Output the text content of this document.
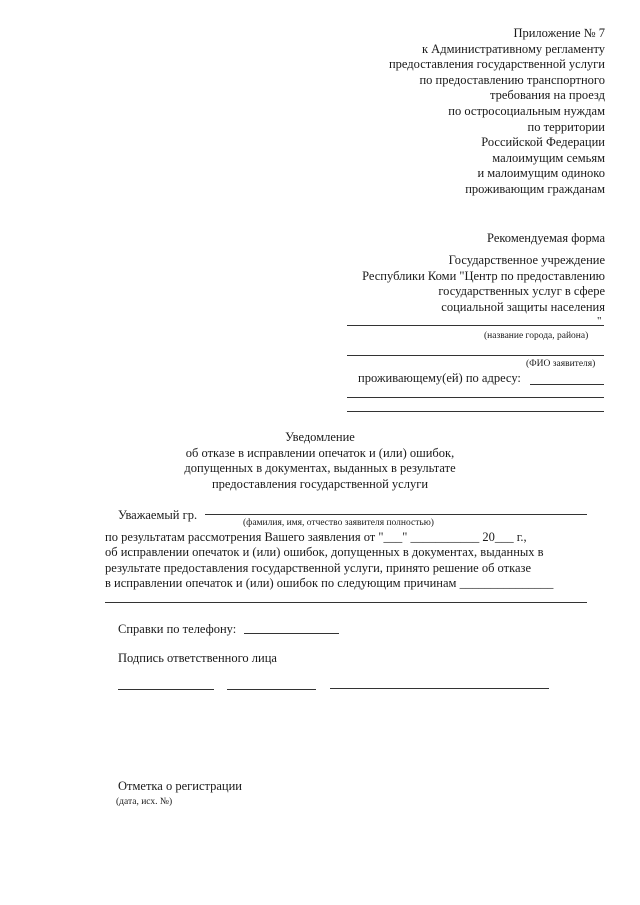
Приложение № 7
к Административному регламенту
предоставления государственной услуги
по предоставлению транспортного
требования на проезд
по остросоциальным нуждам
по территории
Российской Федерации
малоимущим семьям
и малоимущим одиноко
проживающим гражданам
Рекомендуемая форма
Государственное учреждение
Республики Коми "Центр по предоставлению
государственных услуг в сфере
социальной защиты населения
"
(название города, района)
(ФИО заявителя)
проживающему(ей) по адресу:
Уведомление
об отказе в исправлении опечаток и (или) ошибок,
допущенных в документах, выданных в результате
предоставления государственной услуги
Уважаемый гр.
(фамилия, имя, отчество заявителя полностью)
по результатам рассмотрения Вашего заявления от "___" ___________ 20___ г.,
об исправлении опечаток и (или) ошибок, допущенных в документах, выданных в
результате предоставления государственной услуги, принято решение об отказе
в исправлении опечаток и (или) ошибок по следующим причинам _______________
Справки по телефону:
Подпись ответственного лица
Отметка о регистрации
(дата, исх. №)
